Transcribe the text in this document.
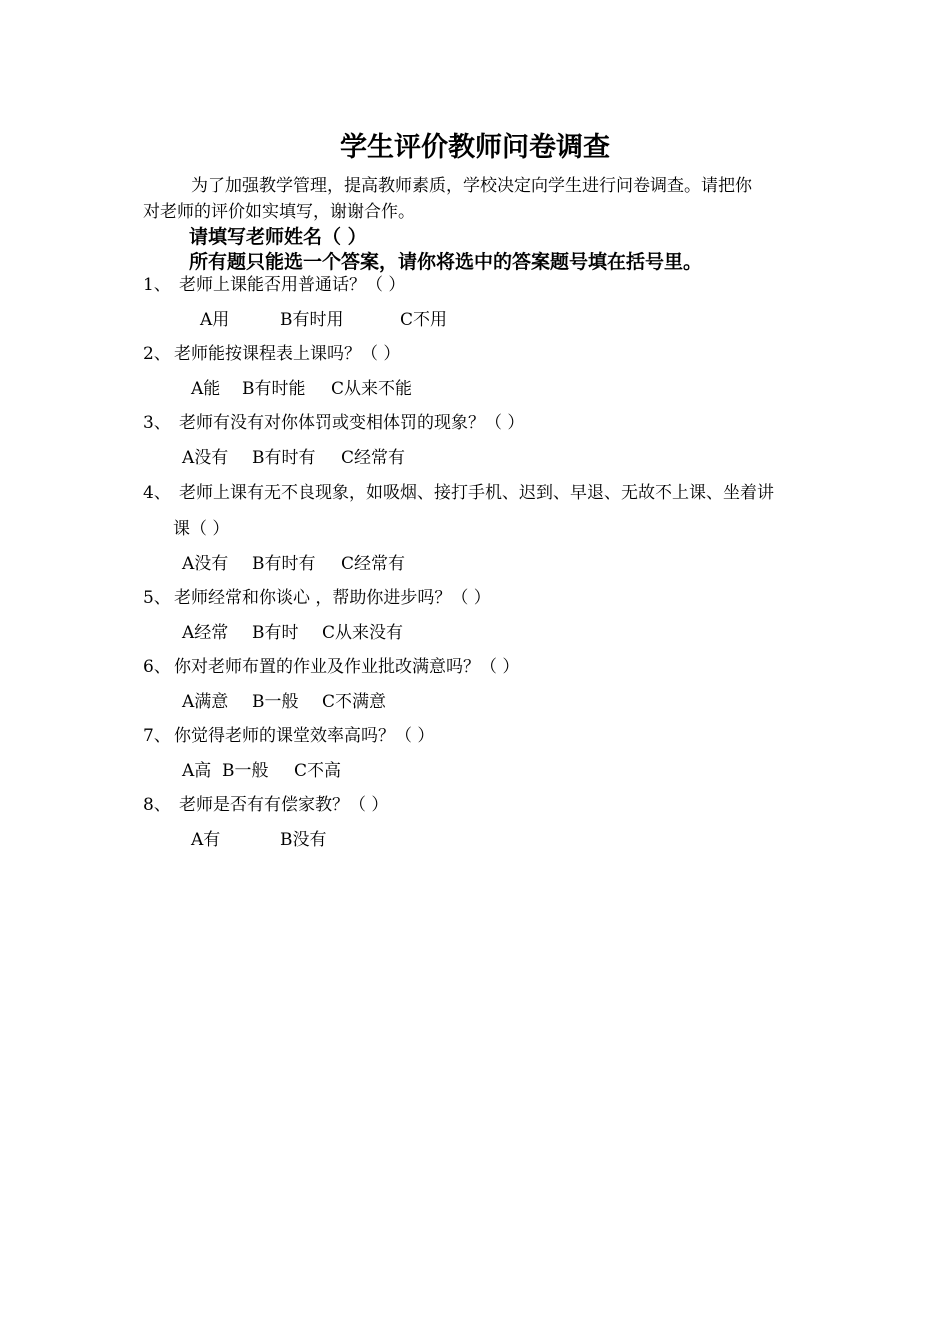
学生评价教师问卷调查
为了加强教学管理，提高教师素质，学校决定向学生进行问卷调查。请把你
对老师的评价如实填写，谢谢合作。
请填写老师姓名（ ）
所有题只能选一个答案，请你将选中的答案题号填在括号里。
1、 老师上课能否用普通话？（ ）
A用	B有时用	C不用
2、 老师能按课程表上课吗？（ ）
A能 B有时能 C从来不能
3、 老师有没有对你体罚或变相体罚的现象？（ ）
A没有 B有时有 C经常有
4、 老师上课有无不良现象，如吸烟、接打手机、迟到、早退、无故不上课、坐着讲
课（ ）
A没有 B有时有 C经常有
5、 老师经常和你谈心 ，帮助你进步吗？（ ）
A经常 B有时 C从来没有
6、 你对老师布置的作业及作业批改满意吗？（ ）
A满意 B一般 C不满意
7、 你觉得老师的课堂效率高吗？（ ）
A高 B一般 C不高
8、 老师是否有有偿家教？（ ）
A有	B没有
